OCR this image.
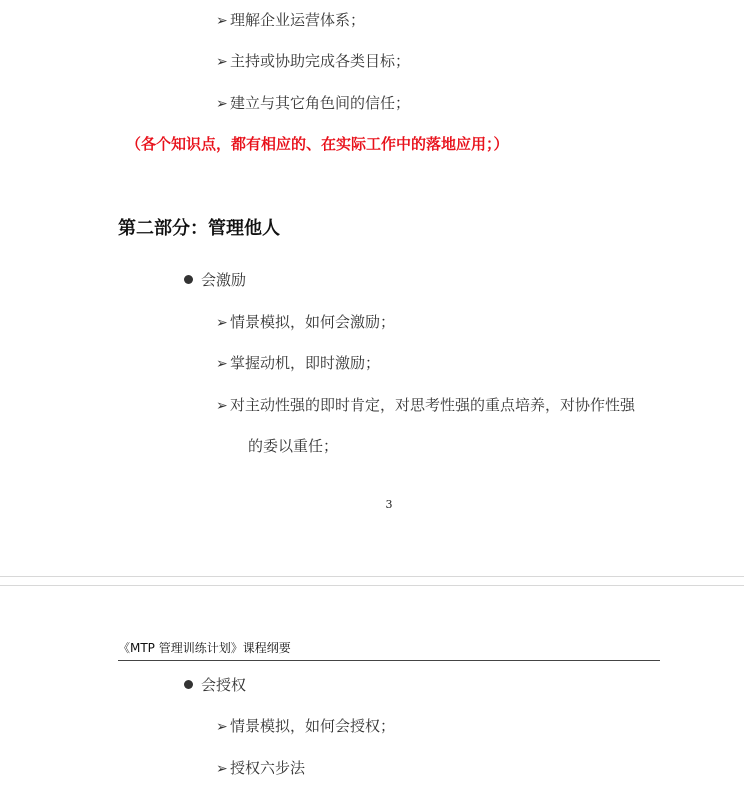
➢ 理解企业运营体系；
➢ 主持或协助完成各类目标；
➢ 建立与其它角色间的信任；
（各个知识点，都有相应的、在实际工作中的落地应用；）
第二部分：管理他人
会激励
➢ 情景模拟，如何会激励；
➢ 掌握动机，即时激励；
➢ 对主动性强的即时肯定，对思考性强的重点培养，对协作性强
的委以重任；
3
《MTP 管理训练计划》课程纲要
会授权
➢ 情景模拟，如何会授权；
➢ 授权六步法
